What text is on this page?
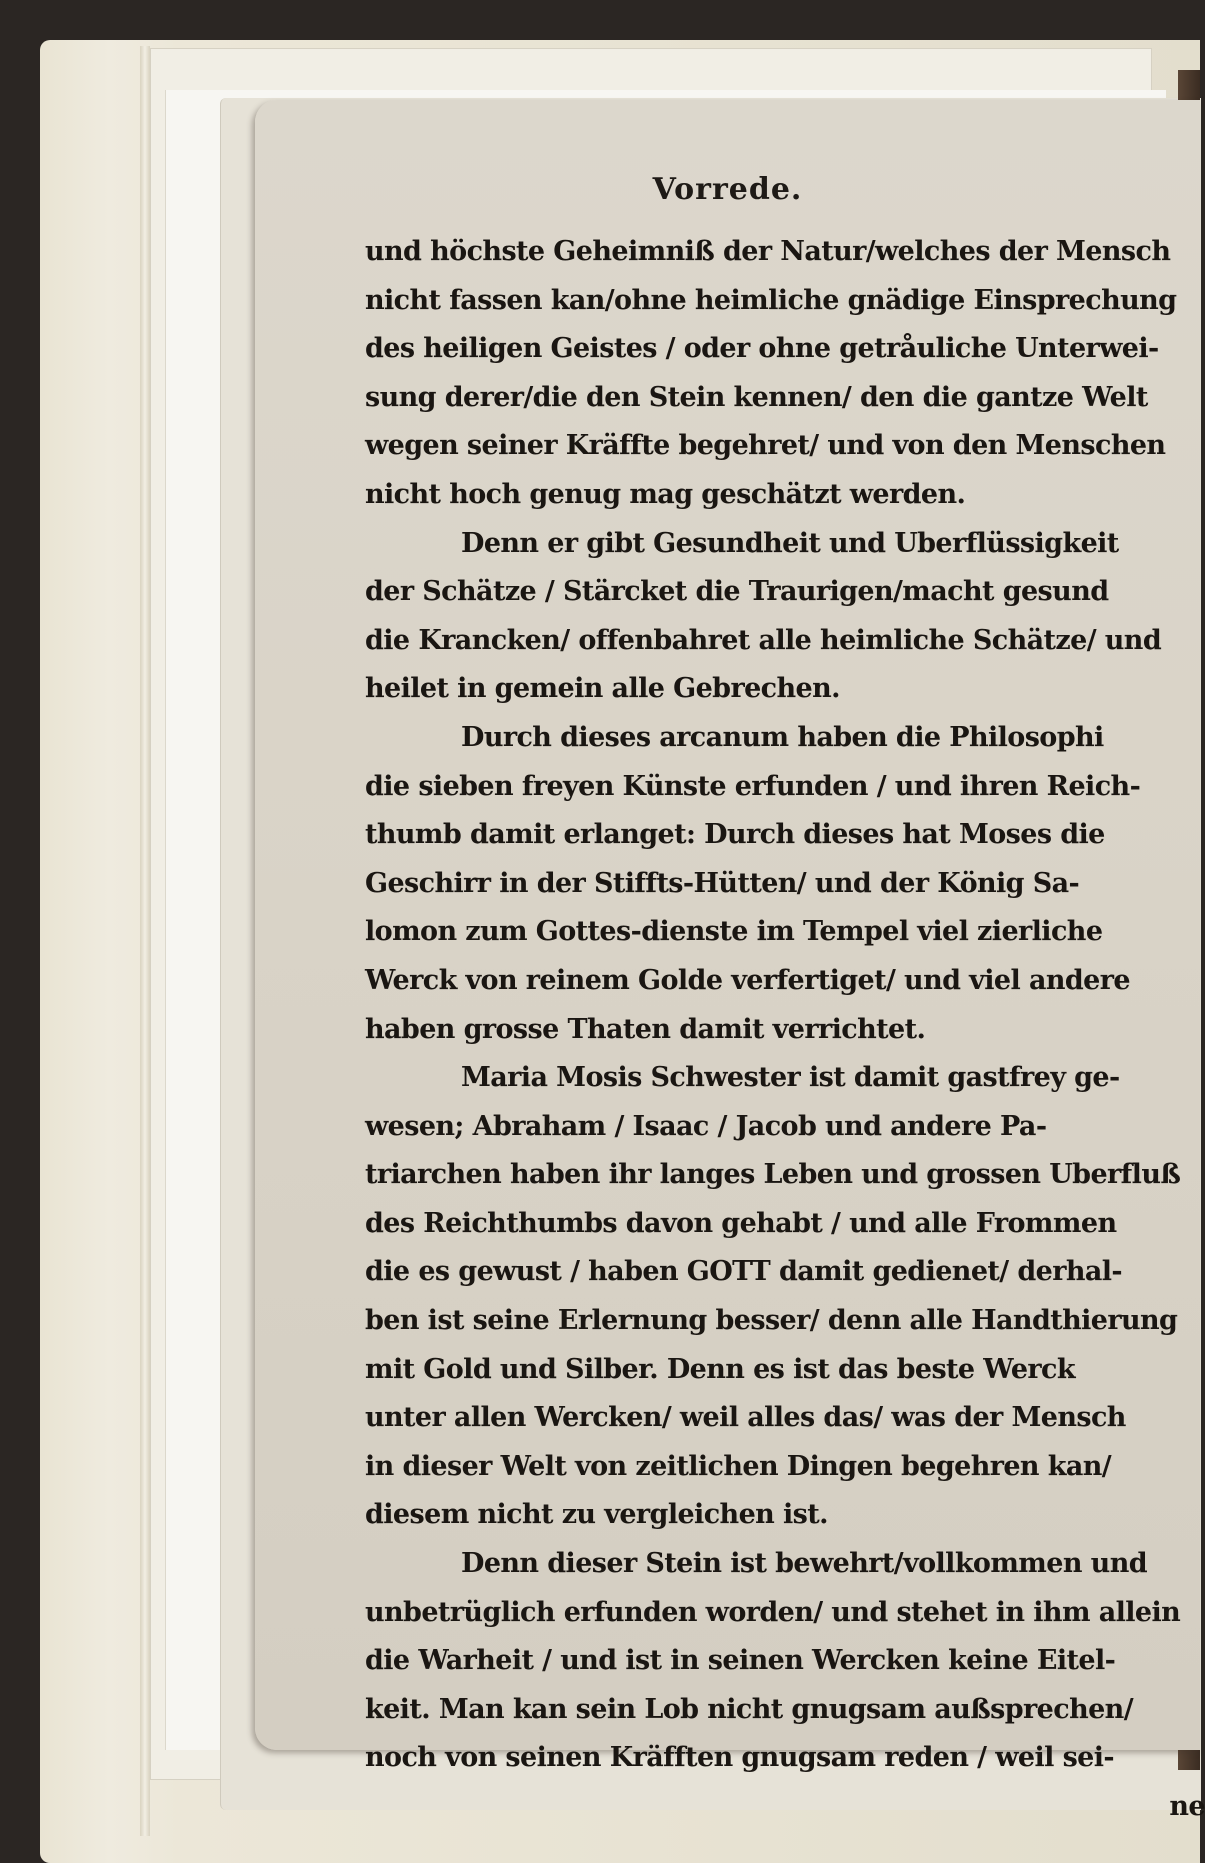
Vorrede.
und höchste Geheimniß der Natur/welches der Mensch
nicht fassen kan/ohne heimliche gnädige Einsprechung
des heiligen Geistes / oder ohne getråuliche Unterwei-
sung derer/die den Stein kennen/ den die gantze Welt
wegen seiner Kräffte begehret/ und von den Menschen
nicht hoch genug mag geschätzt werden.
Denn er gibt Gesundheit und Uberflüssigkeit
der Schätze / Stärcket die Traurigen/macht gesund
die Krancken/ offenbahret alle heimliche Schätze/ und
heilet in gemein alle Gebrechen.
Durch dieses arcanum haben die Philosophi
die sieben freyen Künste erfunden / und ihren Reich-
thumb damit erlanget: Durch dieses hat Moses die
Geschirr in der Stiffts-Hütten/ und der König Sa-
lomon zum Gottes-dienste im Tempel viel zierliche
Werck von reinem Golde verfertiget/ und viel andere
haben grosse Thaten damit verrichtet.
Maria Mosis Schwester ist damit gastfrey ge-
wesen; Abraham / Isaac / Jacob und andere Pa-
triarchen haben ihr langes Leben und grossen Uberfluß
des Reichthumbs davon gehabt / und alle Frommen
die es gewust / haben GOTT damit gedienet/ derhal-
ben ist seine Erlernung besser/ denn alle Handthierung
mit Gold und Silber. Denn es ist das beste Werck
unter allen Wercken/ weil alles das/ was der Mensch
in dieser Welt von zeitlichen Dingen begehren kan/
diesem nicht zu vergleichen ist.
Denn dieser Stein ist bewehrt/vollkommen und
unbetrüglich erfunden worden/ und stehet in ihm allein
die Warheit / und ist in seinen Wercken keine Eitel-
keit. Man kan sein Lob nicht gnugsam außsprechen/
noch von seinen Kräfften gnugsam reden / weil sei-
ne
